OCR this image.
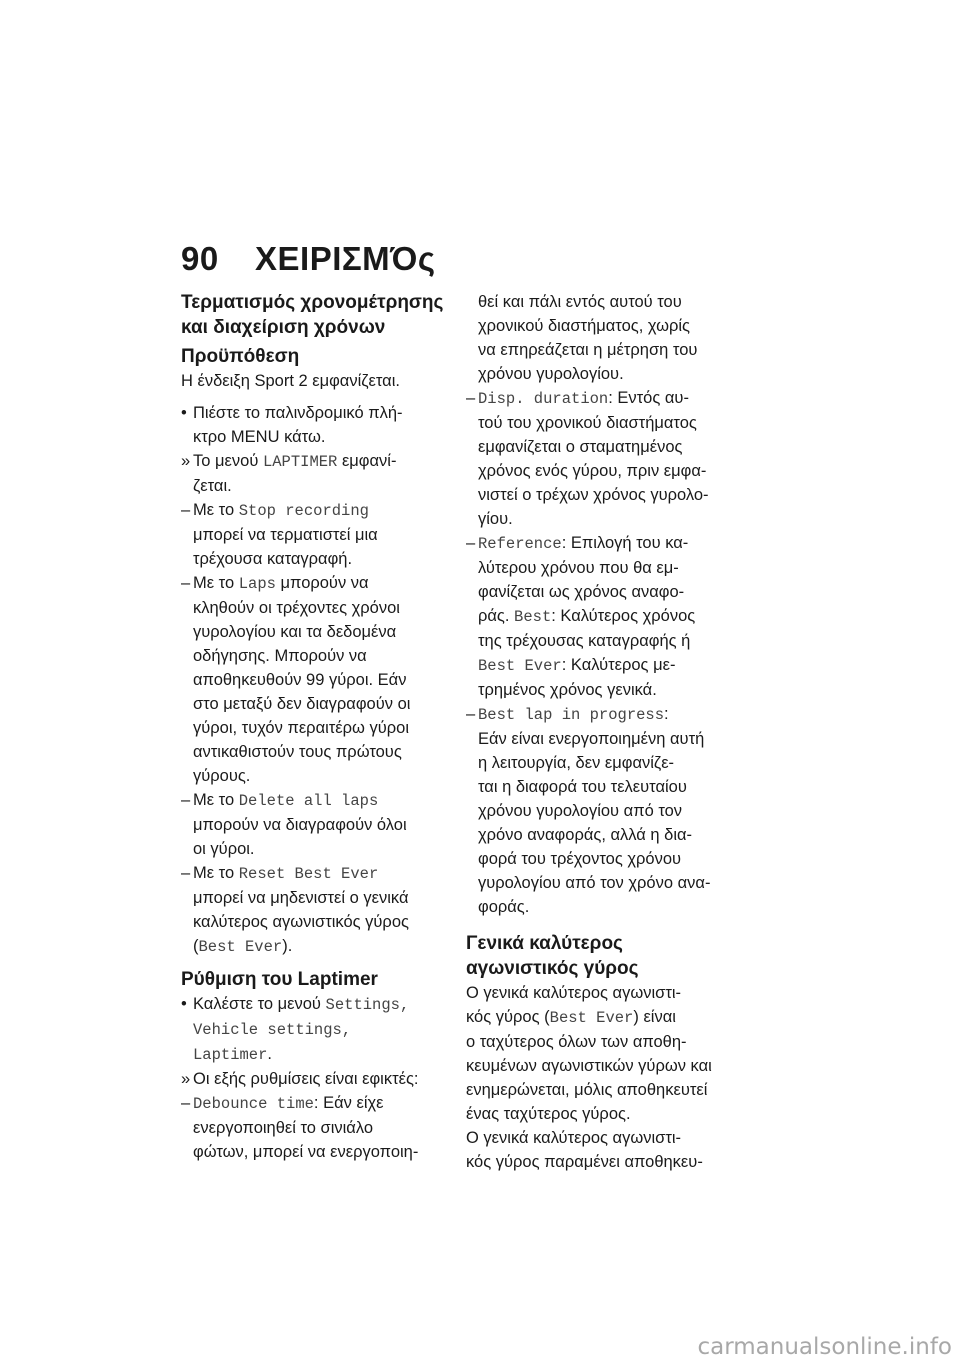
90 ΧΕΙΡΙΣΜΌς
Τερματισμός χρονομέτρησης
και διαχείριση χρόνων
Προϋπόθεση
Η ένδειξη Sport 2 εμφανίζεται.
• Πιέστε το παλινδρομικό πλή-
κτρο MENU κάτω.
» Το μενού LAPTIMER εμφανί-
ζεται.
– Με το Stop recording
μπορεί να τερματιστεί μια
τρέχουσα καταγραφή.
– Με το Laps μπορούν να
κληθούν οι τρέχοντες χρόνοι
γυρολογίου και τα δεδομένα
οδήγησης. Μπορούν να
αποθηκευθούν 99 γύροι. Εάν
στο μεταξύ δεν διαγραφούν οι
γύροι, τυχόν περαιτέρω γύροι
αντικαθιστούν τους πρώτους
γύρους.
– Με το Delete all laps
μπορούν να διαγραφούν όλοι
οι γύροι.
– Με το Reset Best Ever
μπορεί να μηδενιστεί ο γενικά
καλύτερος αγωνιστικός γύρος
(Best Ever).
Ρύθμιση του Laptimer
• Καλέστε το μενού Settings,
Vehicle settings,
Laptimer.
» Οι εξής ρυθμίσεις είναι εφικτές:
– Debounce time: Εάν είχε
ενεργοποιηθεί το σινιάλο
φώτων, μπορεί να ενεργοποιη-
θεί και πάλι εντός αυτού του
χρονικού διαστήματος, χωρίς
να επηρεάζεται η μέτρηση του
χρόνου γυρολογίου.
– Disp. duration: Εντός αυ-
τού του χρονικού διαστήματος
εμφανίζεται ο σταματημένος
χρόνος ενός γύρου, πριν εμφα-
νιστεί ο τρέχων χρόνος γυρολο-
γίου.
– Reference: Επιλογή του κα-
λύτερου χρόνου που θα εμ-
φανίζεται ως χρόνος αναφο-
ράς. Best: Καλύτερος χρόνος
της τρέχουσας καταγραφής ή
Best Ever: Καλύτερος με-
τρημένος χρόνος γενικά.
– Best lap in progress:
Εάν είναι ενεργοποιημένη αυτή
η λειτουργία, δεν εμφανίζε-
ται η διαφορά του τελευταίου
χρόνου γυρολογίου από τον
χρόνο αναφοράς, αλλά η δια-
φορά του τρέχοντος χρόνου
γυρολογίου από τον χρόνο ανα-
φοράς.
Γενικά καλύτερος
αγωνιστικός γύρος
Ο γενικά καλύτερος αγωνιστι-
κός γύρος (Best Ever) είναι
ο ταχύτερος όλων των αποθη-
κευμένων αγωνιστικών γύρων και
ενημερώνεται, μόλις αποθηκευτεί
ένας ταχύτερος γύρος.
Ο γενικά καλύτερος αγωνιστι-
κός γύρος παραμένει αποθηκευ-
carmanualsonline.info
